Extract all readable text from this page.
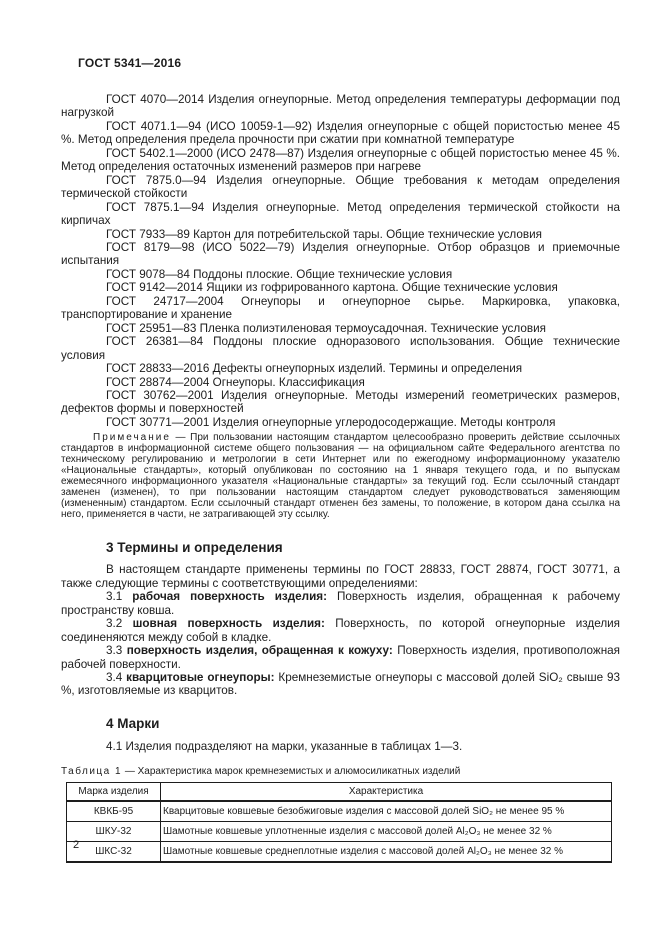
ГОСТ 5341—2016

ГОСТ 4070—2014 Изделия огнеупорные. Метод определения температуры деформации под нагрузкой

ГОСТ 4071.1—94 (ИСО 10059-1—92) Изделия огнеупорные с общей пористостью менее 45 %. Метод определения предела прочности при сжатии при комнатной температуре

ГОСТ 5402.1—2000 (ИСО 2478—87) Изделия огнеупорные с общей пористостью менее 45 %. Метод определения остаточных изменений размеров при нагреве

ГОСТ 7875.0—94 Изделия огнеупорные. Общие требования к методам определения термической стойкости

ГОСТ 7875.1—94 Изделия огнеупорные. Метод определения термической стойкости на кирпичах

ГОСТ 7933—89 Картон для потребительской тары. Общие технические условия

ГОСТ 8179—98 (ИСО 5022—79) Изделия огнеупорные. Отбор образцов и приемочные испытания

ГОСТ 9078—84 Поддоны плоские. Общие технические условия

ГОСТ 9142—2014 Ящики из гофрированного картона. Общие технические условия

ГОСТ 24717—2004 Огнеупоры и огнеупорное сырье. Маркировка, упаковка, транспортирование и хранение

ГОСТ 25951—83 Пленка полиэтиленовая термоусадочная. Технические условия

ГОСТ 26381—84 Поддоны плоские одноразового использования. Общие технические условия

ГОСТ 28833—2016 Дефекты огнеупорных изделий. Термины и определения

ГОСТ 28874—2004 Огнеупоры. Классификация

ГОСТ 30762—2001 Изделия огнеупорные. Методы измерений геометрических размеров, дефектов формы и поверхностей

ГОСТ 30771—2001 Изделия огнеупорные углеродосодержащие. Методы контроля

Примечание — При пользовании настоящим стандартом целесообразно проверить действие ссылочных стандартов в информационной системе общего пользования — на официальном сайте Федерального агентства по техническому регулированию и метрологии в сети Интернет или по ежегодному информационному указателю «Национальные стандарты», который опубликован по состоянию на 1 января текущего года, и по выпускам ежемесячного информационного указателя «Национальные стандарты» за текущий год. Если ссылочный стандарт заменен (изменен), то при пользовании настоящим стандартом следует руководствоваться заменяющим (измененным) стандартом. Если ссылочный стандарт отменен без замены, то положение, в котором дана ссылка на него, применяется в части, не затрагивающей эту ссылку.

3 Термины и определения

В настоящем стандарте применены термины по ГОСТ 28833, ГОСТ 28874, ГОСТ 30771, а также следующие термины с соответствующими определениями:

3.1 рабочая поверхность изделия: Поверхность изделия, обращенная к рабочему пространству ковша.

3.2 шовная поверхность изделия: Поверхность, по которой огнеупорные изделия соединеняются между собой в кладке.

3.3 поверхность изделия, обращенная к кожуху: Поверхность изделия, противоположная рабочей поверхности.

3.4 кварцитовые огнеупоры: Кремнеземистые огнеупоры с массовой долей SiO₂ свыше 93 %, изготовляемые из кварцитов.

4 Марки

4.1 Изделия подразделяют на марки, указанные в таблицах 1—3.

Таблица 1 — Характеристика марок кремнеземистых и алюмосиликатных изделий

Марка изделия	Характеристика
КВКБ-95	Кварцитовые ковшевые безобжиговые изделия с массовой долей SiO₂ не менее 95 %
ШКУ-32	Шамотные ковшевые уплотненные изделия с массовой долей Al₂O₃ не менее 32 %
ШКС-32	Шамотные ковшевые среднеплотные изделия с массовой долей Al₂O₃ не менее 32 %

2
